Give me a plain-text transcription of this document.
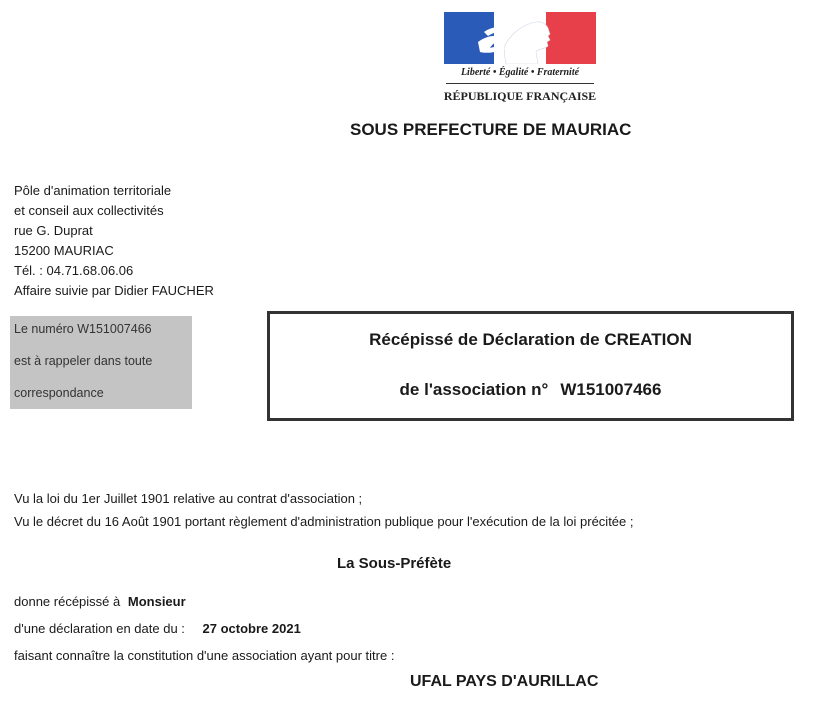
Liberté • Égalité • Fraternité
RÉPUBLIQUE FRANÇAISE
SOUS PREFECTURE DE MAURIAC
Pôle d'animation territoriale
et conseil aux collectivités
rue G. Duprat
15200 MAURIAC
Tél. : 04.71.68.06.06
Affaire suivie par Didier FAUCHER
Le numéro W151007466
est à rappeler dans toute
correspondance
Récépissé de Déclaration de CREATION
de l'association n° W151007466
Vu la loi du 1er Juillet 1901 relative au contrat d'association ;
Vu le décret du 16 Août 1901 portant règlement d'administration publique pour l'exécution de la loi précitée ;
La Sous-Préfète
donne récépissé à Monsieur
d'une déclaration en date du : 27 octobre 2021
faisant connaître la constitution d'une association ayant pour titre :
UFAL PAYS D'AURILLAC
